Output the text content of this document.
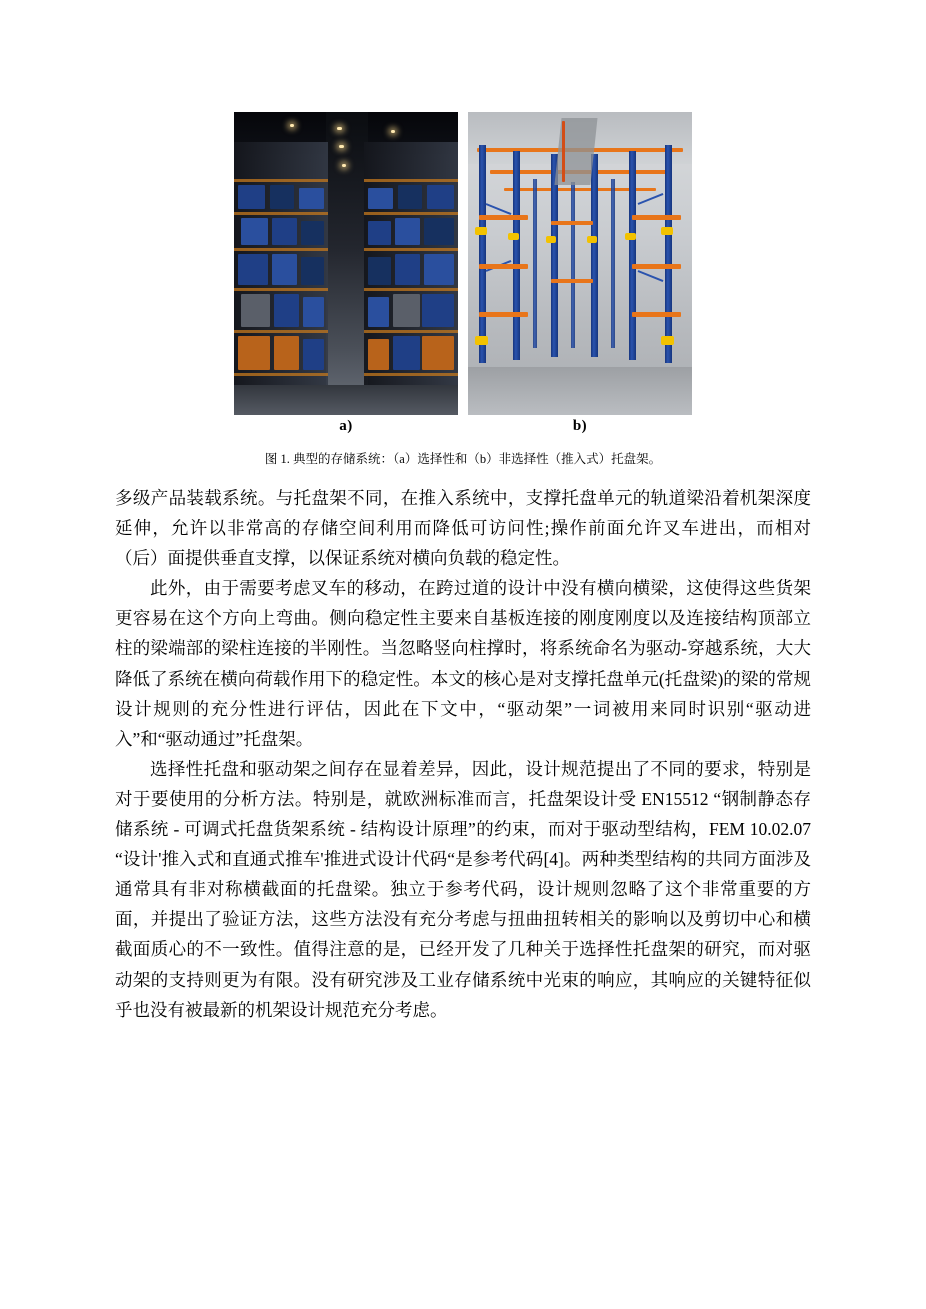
a)	b)
图 1. 典型的存储系统：（a）选择性和（b）非选择性（推入式）托盘架。

多级产品装载系统。与托盘架不同，在推入系统中，支撑托盘单元的轨道梁沿着机架深度延伸，允许以非常高的存储空间利用而降低可访问性;操作前面允许叉车进出，而相对（后）面提供垂直支撑，以保证系统对横向负载的稳定性。

此外，由于需要考虑叉车的移动，在跨过道的设计中没有横向横梁，这使得这些货架更容易在这个方向上弯曲。侧向稳定性主要来自基板连接的刚度刚度以及连接结构顶部立柱的梁端部的梁柱连接的半刚性。当忽略竖向柱撑时，将系统命名为驱动-穿越系统，大大降低了系统在横向荷载作用下的稳定性。本文的核心是对支撑托盘单元(托盘梁)的梁的常规设计规则的充分性进行评估，因此在下文中，“驱动架”一词被用来同时识别“驱动进入”和“驱动通过”托盘架。

选择性托盘和驱动架之间存在显着差异，因此，设计规范提出了不同的要求，特别是对于要使用的分析方法。特别是，就欧洲标准而言，托盘架设计受 EN15512 “钢制静态存储系统 - 可调式托盘货架系统 - 结构设计原理”的约束，而对于驱动型结构，FEM 10.02.07 “设计'推入式和直通式推车'推进式设计代码“是参考代码[4]。两种类型结构的共同方面涉及通常具有非对称横截面的托盘梁。独立于参考代码，设计规则忽略了这个非常重要的方面，并提出了验证方法，这些方法没有充分考虑与扭曲扭转相关的影响以及剪切中心和横截面质心的不一致性。值得注意的是，已经开发了几种关于选择性托盘架的研究，而对驱动架的支持则更为有限。没有研究涉及工业存储系统中光束的响应，其响应的关键特征似乎也没有被最新的机架设计规范充分考虑。
